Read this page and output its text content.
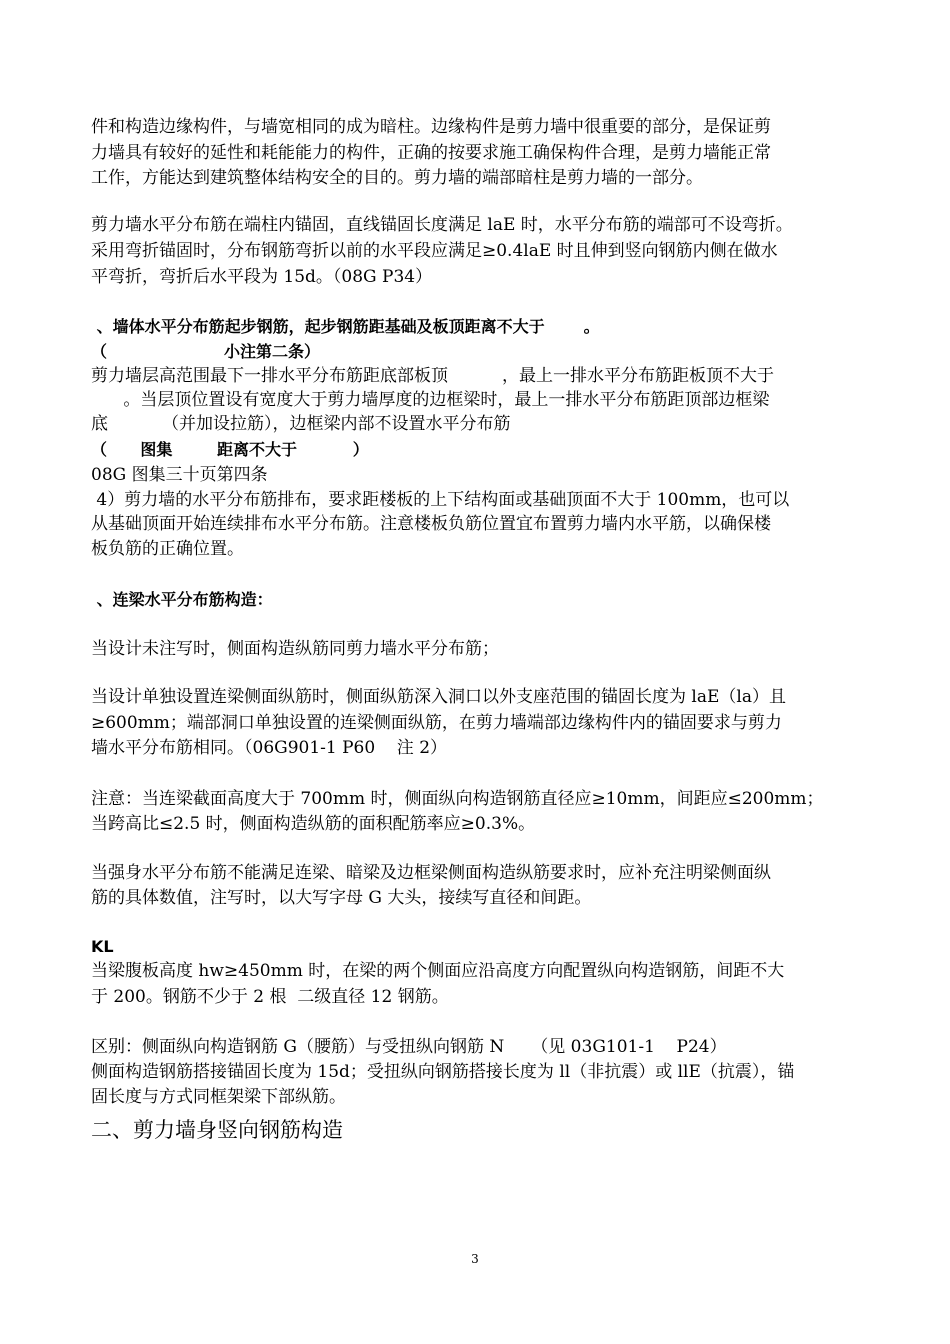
件和构造边缘构件，与墙宽相同的成为暗柱。边缘构件是剪力墙中很重要的部分，是保证剪
力墙具有较好的延性和耗能能力的构件，正确的按要求施工确保构件合理，是剪力墙能正常
工作，方能达到建筑整体结构安全的目的。剪力墙的端部暗柱是剪力墙的一部分。
剪力墙水平分布筋在端柱内锚固，直线锚固长度满足 laE 时，水平分布筋的端部可不设弯折。
采用弯折锚固时，分布钢筋弯折以前的水平段应满足≥0.4laE 时且伸到竖向钢筋内侧在做水
平弯折，弯折后水平段为 15d。（08G P34）
、墙体水平分布筋起步钢筋，起步钢筋距基础及板顶距离不大于       。
（                     小注第二条）
剪力墙层高范围最下一排水平分布筋距底部板顶          ，最上一排水平分布筋距板顶不大于
。当层顶位置设有宽度大于剪力墙厚度的边框梁时，最上一排水平分布筋距顶部边框梁
底          （并加设拉筋），边框梁内部不设置水平分布筋
（      图集        距离不大于          ）
08G 图集三十页第四条
4）剪力墙的水平分布筋排布，要求距楼板的上下结构面或基础顶面不大于 100mm，也可以
从基础顶面开始连续排布水平分布筋。注意楼板负筋位置宜布置剪力墙内水平筋，以确保楼
板负筋的正确位置。
、连梁水平分布筋构造：
当设计未注写时，侧面构造纵筋同剪力墙水平分布筋；
当设计单独设置连梁侧面纵筋时，侧面纵筋深入洞口以外支座范围的锚固长度为 laE（la）且
≥600mm；端部洞口单独设置的连梁侧面纵筋，在剪力墙端部边缘构件内的锚固要求与剪力
墙水平分布筋相同。（06G901-1 P60    注 2）
注意：当连梁截面高度大于 700mm 时，侧面纵向构造钢筋直径应≥10mm，间距应≤200mm；
当跨高比≤2.5 时，侧面构造纵筋的面积配筋率应≥0.3%。
当强身水平分布筋不能满足连梁、暗梁及边框梁侧面构造纵筋要求时，应补充注明梁侧面纵
筋的具体数值，注写时，以大写字母 G 大头，接续写直径和间距。
KL
当梁腹板高度 hw≥450mm 时，在梁的两个侧面应沿高度方向配置纵向构造钢筋，间距不大
于 200。钢筋不少于 2 根  二级直径 12 钢筋。
区别：侧面纵向构造钢筋 G（腰筋）与受扭纵向钢筋 N     （见 03G101-1    P24）
侧面构造钢筋搭接锚固长度为 15d；受扭纵向钢筋搭接长度为 ll（非抗震）或 llE（抗震），锚
固长度与方式同框架梁下部纵筋。
二、剪力墙身竖向钢筋构造
3
